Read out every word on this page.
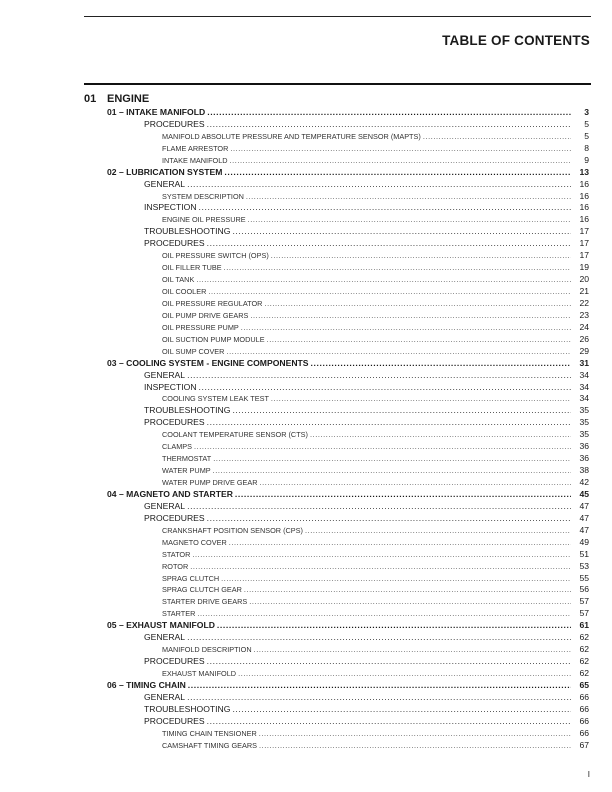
TABLE OF CONTENTS
01 ENGINE
01 – INTAKE MANIFOLD .....	3
PROCEDURES .....	5
MANIFOLD ABSOLUTE PRESSURE AND TEMPERATURE SENSOR (MAPTS) .....	5
FLAME ARRESTOR .....	8
INTAKE MANIFOLD .....	9
02 – LUBRICATION SYSTEM .....	13
GENERAL .....	16
SYSTEM DESCRIPTION .....	16
INSPECTION .....	16
ENGINE OIL PRESSURE .....	16
TROUBLESHOOTING .....	17
PROCEDURES .....	17
OIL PRESSURE SWITCH (OPS) .....	17
OIL FILLER TUBE .....	19
OIL TANK .....	20
OIL COOLER .....	21
OIL PRESSURE REGULATOR .....	22
OIL PUMP DRIVE GEARS .....	23
OIL PRESSURE PUMP .....	24
OIL SUCTION PUMP MODULE .....	26
OIL SUMP COVER .....	29
03 – COOLING SYSTEM - ENGINE COMPONENTS .....	31
GENERAL .....	34
INSPECTION .....	34
COOLING SYSTEM LEAK TEST .....	34
TROUBLESHOOTING .....	35
PROCEDURES .....	35
COOLANT TEMPERATURE SENSOR (CTS) .....	35
CLAMPS .....	36
THERMOSTAT .....	36
WATER PUMP .....	38
WATER PUMP DRIVE GEAR .....	42
04 – MAGNETO AND STARTER .....	45
GENERAL .....	47
PROCEDURES .....	47
CRANKSHAFT POSITION SENSOR (CPS) .....	47
MAGNETO COVER .....	49
STATOR .....	51
ROTOR .....	53
SPRAG CLUTCH .....	55
SPRAG CLUTCH GEAR .....	56
STARTER DRIVE GEARS .....	57
STARTER .....	57
05 – EXHAUST MANIFOLD .....	61
GENERAL .....	62
MANIFOLD DESCRIPTION .....	62
PROCEDURES .....	62
EXHAUST MANIFOLD .....	62
06 – TIMING CHAIN .....	65
GENERAL .....	66
TROUBLESHOOTING .....	66
PROCEDURES .....	66
TIMING CHAIN TENSIONER .....	66
CAMSHAFT TIMING GEARS .....	67
I
